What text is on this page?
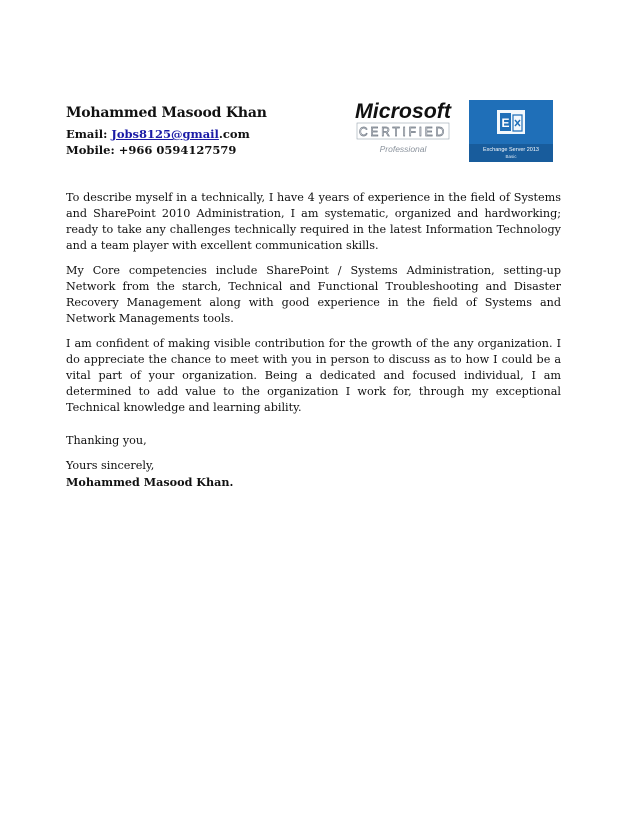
Mohammed Masood Khan

Email: Jobs8125@gmail.com

Mobile: +966 0594127579

Microsoft
CERTIFIED
Professional
E
Exchange Server 2013
Basic

To describe myself in a technically, I have 4 years of experience in the field of Systems and SharePoint 2010 Administration, I am systematic, organized and hardworking; ready to take any challenges technically required in the latest Information Technology and a team player with excellent communication skills.

My Core competencies include SharePoint / Systems Administration, setting-up Network from the starch, Technical and Functional Troubleshooting and Disaster Recovery Management along with good experience in the field of Systems and Network Managements tools.

I am confident of making visible contribution for the growth of the any organization. I do appreciate the chance to meet with you in person to discuss as to how I could be a vital part of your organization. Being a dedicated and focused individual, I am determined to add value to the organization I work for, through my exceptional Technical knowledge and learning ability.

Thanking you,

Yours sincerely,

Mohammed Masood Khan.
